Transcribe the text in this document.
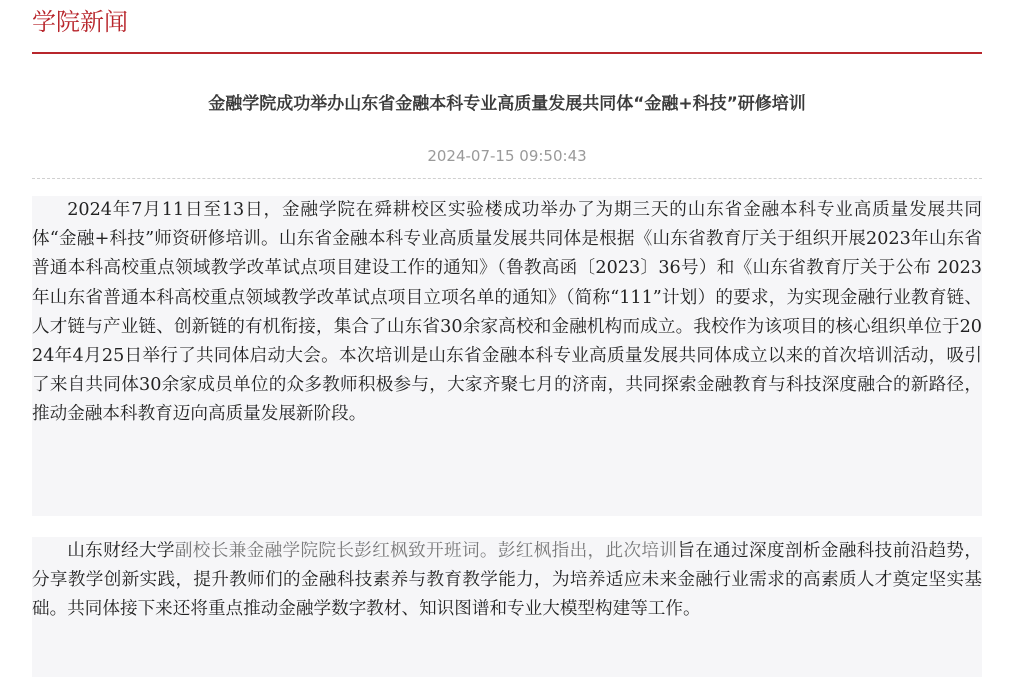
学院新闻
金融学院成功举办山东省金融本科专业高质量发展共同体“金融+科技”研修培训
2024-07-15 09:50:43
2024年7月11日至13日，金融学院在舜耕校区实验楼成功举办了为期三天的山东省金融本科专业高质量发展共同体“金融+科技”师资研修培训。山东省金融本科专业高质量发展共同体是根据《山东省教育厅关于组织开展2023年山东省普通本科高校重点领域教学改革试点项目建设工作的通知》（鲁教高函〔2023〕36号）和《山东省教育厅关于公布 2023 年山东省普通本科高校重点领域教学改革试点项目立项名单的通知》（简称“111”计划）的要求，为实现金融行业教育链、人才链与产业链、创新链的有机衔接，集合了山东省30余家高校和金融机构而成立。我校作为该项目的核心组织单位于2024年4月25日举行了共同体启动大会。本次培训是山东省金融本科专业高质量发展共同体成立以来的首次培训活动，吸引了来自共同体30余家成员单位的众多教师积极参与，大家齐聚七月的济南，共同探索金融教育与科技深度融合的新路径，推动金融本科教育迈向高质量发展新阶段。
山东财经大学副校长兼金融学院院长彭红枫致开班词。彭红枫指出，此次培训旨在通过深度剖析金融科技前沿趋势，分享教学创新实践，提升教师们的金融科技素养与教育教学能力，为培养适应未来金融行业需求的高素质人才奠定坚实基础。共同体接下来还将重点推动金融学数字教材、知识图谱和专业大模型构建等工作。
